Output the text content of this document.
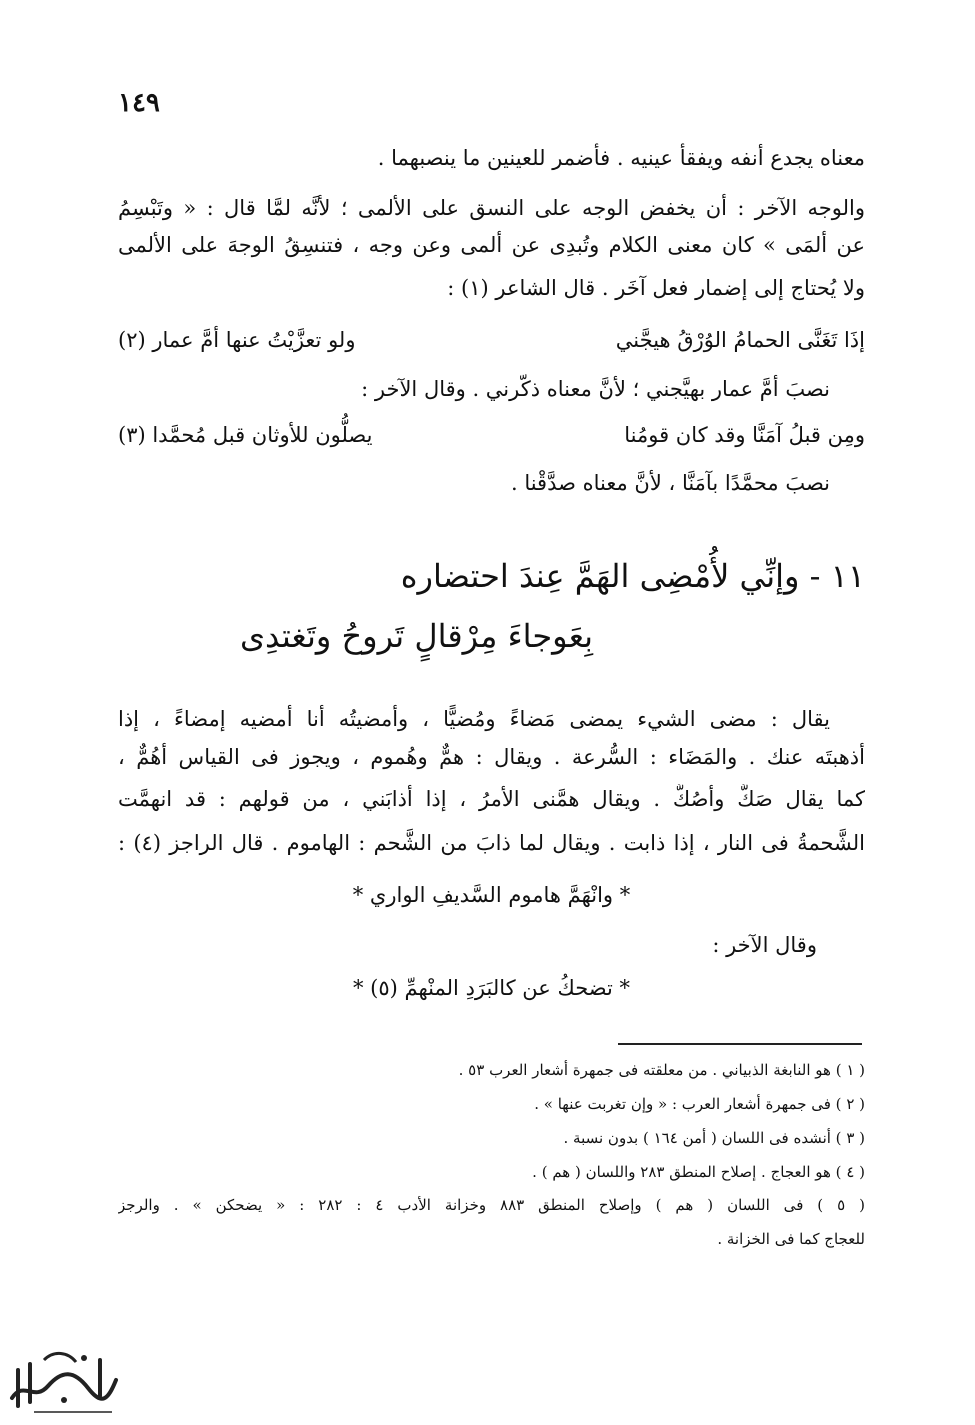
١٤٩
معناه يجدع أنفه ويفقأ عينيه . فأضمر للعينين ما ينصبهما .
والوجه الآخر : أن يخفض الوجه على النسق على الألمى ؛ لأنَّه لمَّا قال : « وتَبْسِمُ
عن ألمَى » كان معنى الكلام وتُبدِى عن ألمى وعن وجه ، فتنسِقُ الوجهَ على الألمى
ولا يُحتاج إلى إضمار فعل آخَر . قال الشاعر (١) :
إذَا تَغَنَّى الحمامُ الوُرْقُ هيجَّني
ولو تعزَّيْتُ عنها أمَّ عمار (٢)
نصبَ أمَّ عمار بهيَّجني ؛ لأنَّ معناه ذكّرني . وقال الآخر :
ومِن قبلُ آمَنَّا وقد كان قومُنا
يصلُّون للأوثان قبل مُحمَّدا (٣)
نصبَ محمَّدًا بآمَنَّا ، لأنَّ معناه صدَّقْنا .
١١ - وإنِّي لأُمْضِى الهَمَّ عِندَ احتضاره
بِعَوجاءَ مِرْقالٍ تَروحُ وتَغتدِى
يقال : مضى الشيء يمضى مَضاءً ومُضيًّا ، وأمضيتُه أنا أمضيه إمضاءً ، إذا
أذهبتَه عنك . والمَضَاء : السُّرعة . ويقال : همٌّ وهُموم ، ويجوز فى القياس أهُمٌّ ،
كما يقال صَكٌّ وأصُكٌّ . ويقال همَّنى الأمرُ ، إذا أذابَني ، من قولهم : قد انهمَّت
الشَّحمةُ فى النار ، إذا ذابت . ويقال لما ذابَ من الشَّحم : الهاموم . قال الراجز (٤) :
* وانْهَمَّ هاموم السَّديفِ الواري *
وقال الآخر :
* تضحكُ عن كالبَرَدِ المنْهمِّ (٥) *
( ١ ) هو النابغة الذبياني . من معلقته فى جمهرة أشعار العرب ٥٣ .
( ٢ ) فى جمهرة أشعار العرب : « وإن تغربت عنها » .
( ٣ ) أنشده فى اللسان ( أمن ١٦٤ ) بدون نسبة .
( ٤ ) هو العجاج . إصلاح المنطق ٢٨٣ واللسان ( هم ) .
( ٥ ) فى اللسان ( هم ) وإصلاح المنطق ٨٨٣ وخزانة الأدب ٤ : ٢٨٢ : « يضحكن » . والرجز
للعجاج كما فى الخزانة .
